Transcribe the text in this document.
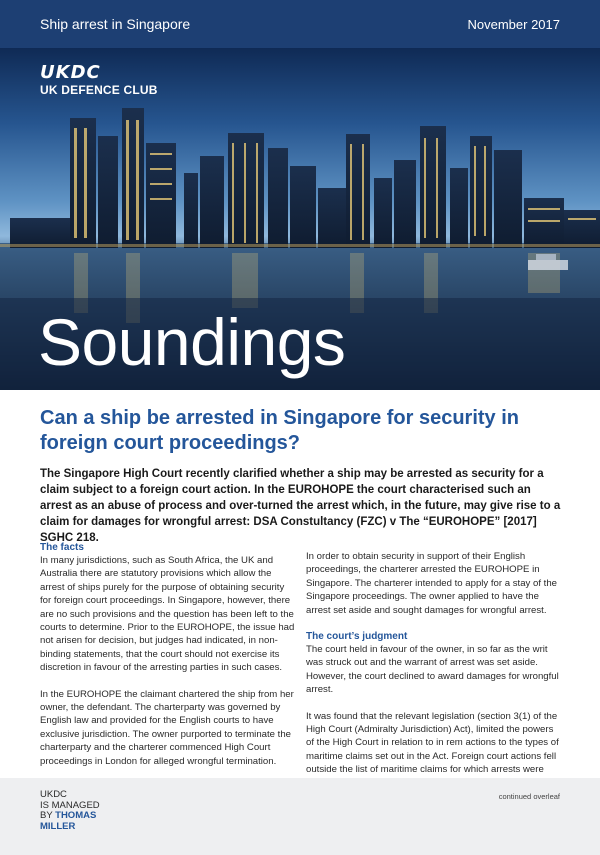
Ship arrest in Singapore	November 2017
UKDC
UK DEFENCE CLUB
Soundings
Can a ship be arrested in Singapore for security in foreign court proceedings?

The Singapore High Court recently clarified whether a ship may be arrested as security for a claim subject to a foreign court action. In the EUROHOPE the court characterised such an arrest as an abuse of process and over-turned the arrest which, in the future, may give rise to a claim for damages for wrongful arrest: DSA Constultancy (FZC) v The “EUROHOPE” [2017] SGHC 218.

The facts

In many jurisdictions, such as South Africa, the UK and Australia there are statutory provisions which allow the arrest of ships purely for the purpose of obtaining security for foreign court proceedings. In Singapore, however, there are no such provisions and the question has been left to the courts to determine. Prior to the EUROHOPE, the issue had not arisen for decision, but judges had indicated, in non-binding statements, that the court should not exercise its discretion in favour of the arresting parties in such cases.

In the EUROHOPE the claimant chartered the ship from her owner, the defendant. The charterparty was governed by English law and provided for the English courts to have exclusive jurisdiction. The owner purported to terminate the charterparty and the charterer commenced High Court proceedings in London for alleged wrongful termination.

In order to obtain security in support of their English proceedings, the charterer arrested the EUROHOPE in Singapore. The charterer intended to apply for a stay of the Singapore proceedings. The owner applied to have the arrest set aside and sought damages for wrongful arrest.

The court’s judgment

The court held in favour of the owner, in so far as the writ was struck out and the warrant of arrest was set aside. However, the court declined to award damages for wrongful arrest.

It was found that the relevant legislation (section 3(1) of the High Court (Admiralty Jurisdiction) Act), limited the powers of the High Court in relation to in rem actions to the types of maritime claims set out in the Act. Foreign court actions fell outside the list of maritime claims for which arrests were

UKDC
IS MANAGED
BY THOMAS
MILLER
continued overleaf
